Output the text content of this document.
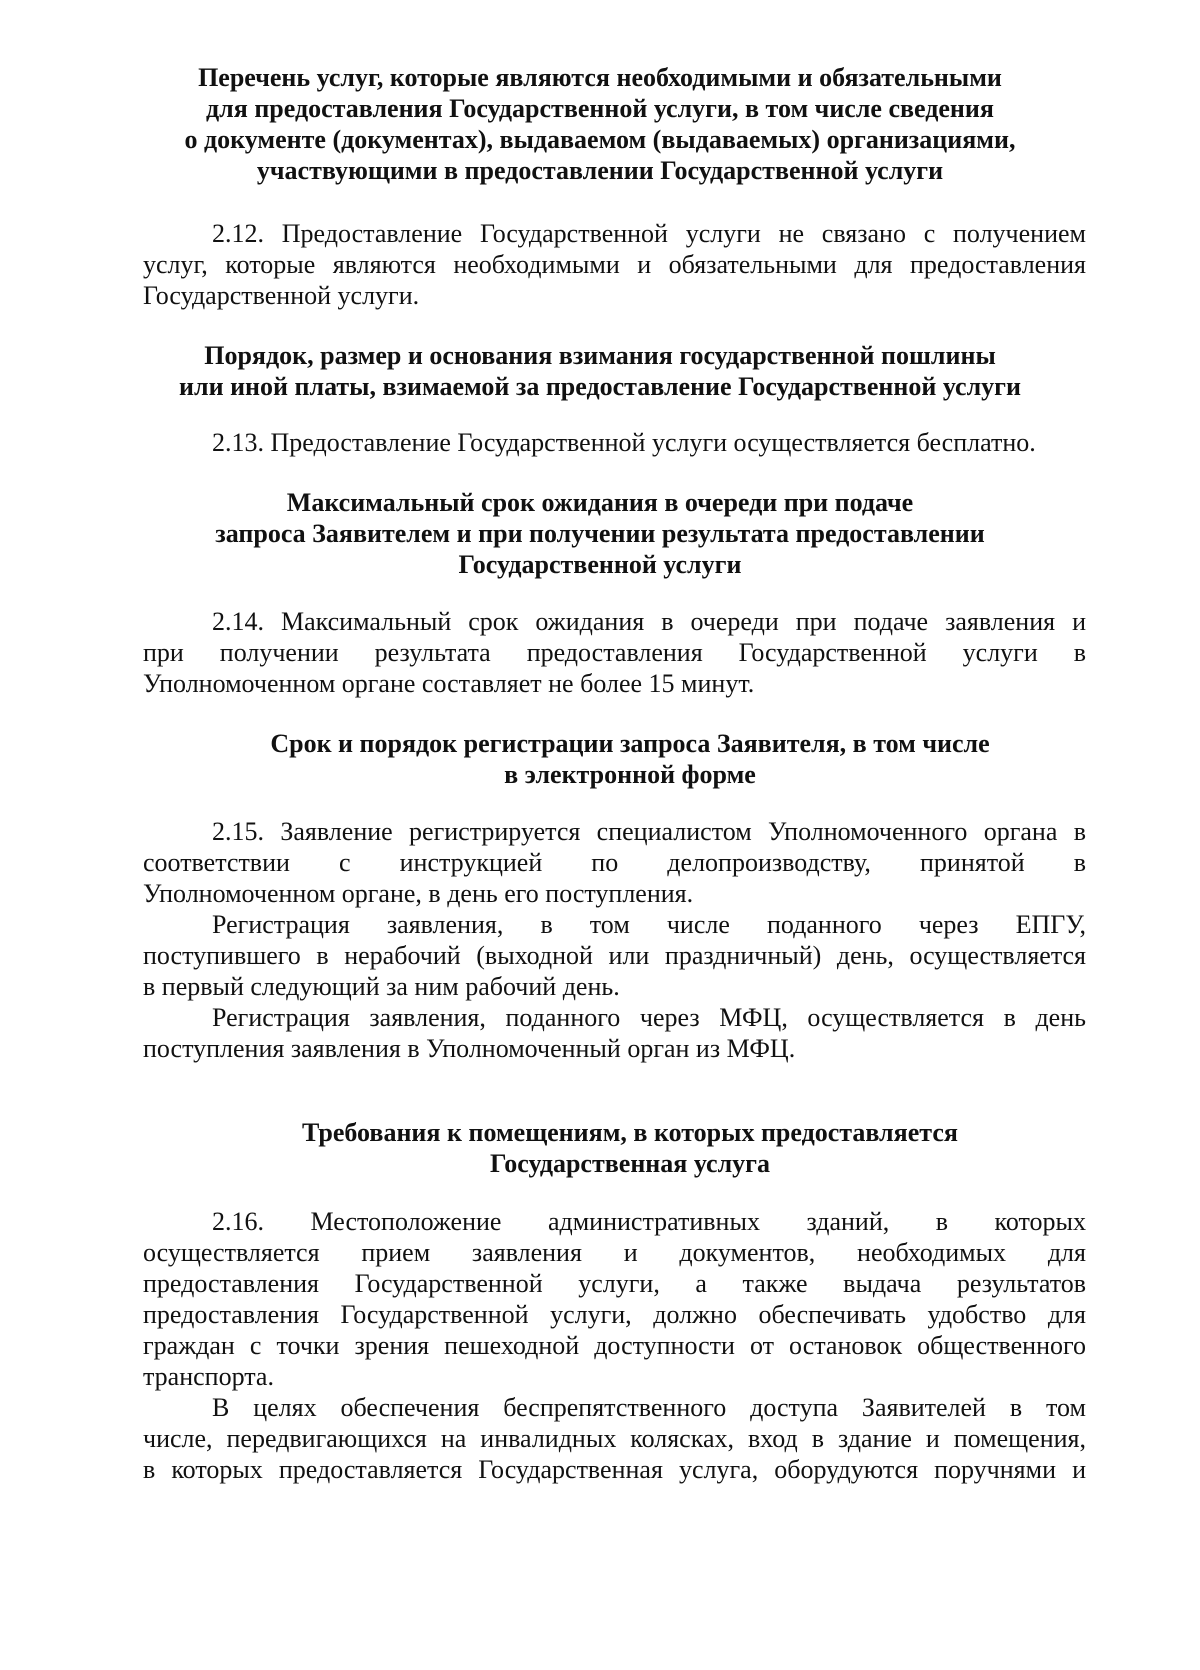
Перечень услуг, которые являются необходимыми и обязательными
для предоставления Государственной услуги, в том числе сведения
о документе (документах), выдаваемом (выдаваемых) организациями,
участвующими в предоставлении Государственной услуги
2.12. Предоставление Государственной услуги не связано с получением
услуг, которые являются необходимыми и обязательными для предоставления
Государственной услуги.
Порядок, размер и основания взимания государственной пошлины
или иной платы, взимаемой за предоставление Государственной услуги
2.13. Предоставление Государственной услуги осуществляется бесплатно.
Максимальный срок ожидания в очереди при подаче
запроса Заявителем и при получении результата предоставлении
Государственной услуги
2.14. Максимальный срок ожидания в очереди при подаче заявления и
при получении результата предоставления Государственной услуги в
Уполномоченном органе составляет не более 15 минут.
Срок и порядок регистрации запроса Заявителя, в том числе
в электронной форме
2.15. Заявление регистрируется специалистом Уполномоченного органа в
соответствии с инструкцией по делопроизводству, принятой в
Уполномоченном органе, в день его поступления.
Регистрация заявления, в том числе поданного через ЕПГУ,
поступившего в нерабочий (выходной или праздничный) день, осуществляется
в первый следующий за ним рабочий день.
Регистрация заявления, поданного через МФЦ, осуществляется в день
поступления заявления в Уполномоченный орган из МФЦ.
Требования к помещениям, в которых предоставляется
Государственная услуга
2.16. Местоположение административных зданий, в которых
осуществляется прием заявления и документов, необходимых для
предоставления Государственной услуги, а также выдача результатов
предоставления Государственной услуги, должно обеспечивать удобство для
граждан с точки зрения пешеходной доступности от остановок общественного
транспорта.
В целях обеспечения беспрепятственного доступа Заявителей в том
числе, передвигающихся на инвалидных колясках, вход в здание и помещения,
в которых предоставляется Государственная услуга, оборудуются поручнями и
